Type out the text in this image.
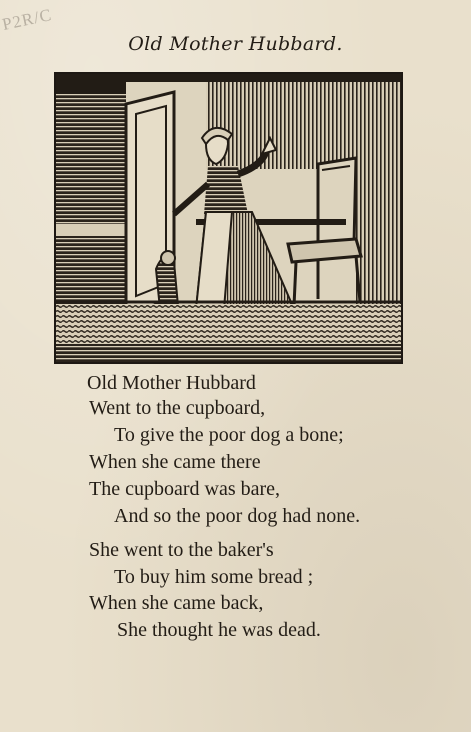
P2R/C
Old Mother Hubbard.
Old Mother Hubbard
Went to the cupboard,
To give the poor dog a bone;
When she came there
The cupboard was bare,
And so the poor dog had none.
She went to the baker's
To buy him some bread ;
When she came back,
She thought he was dead.
